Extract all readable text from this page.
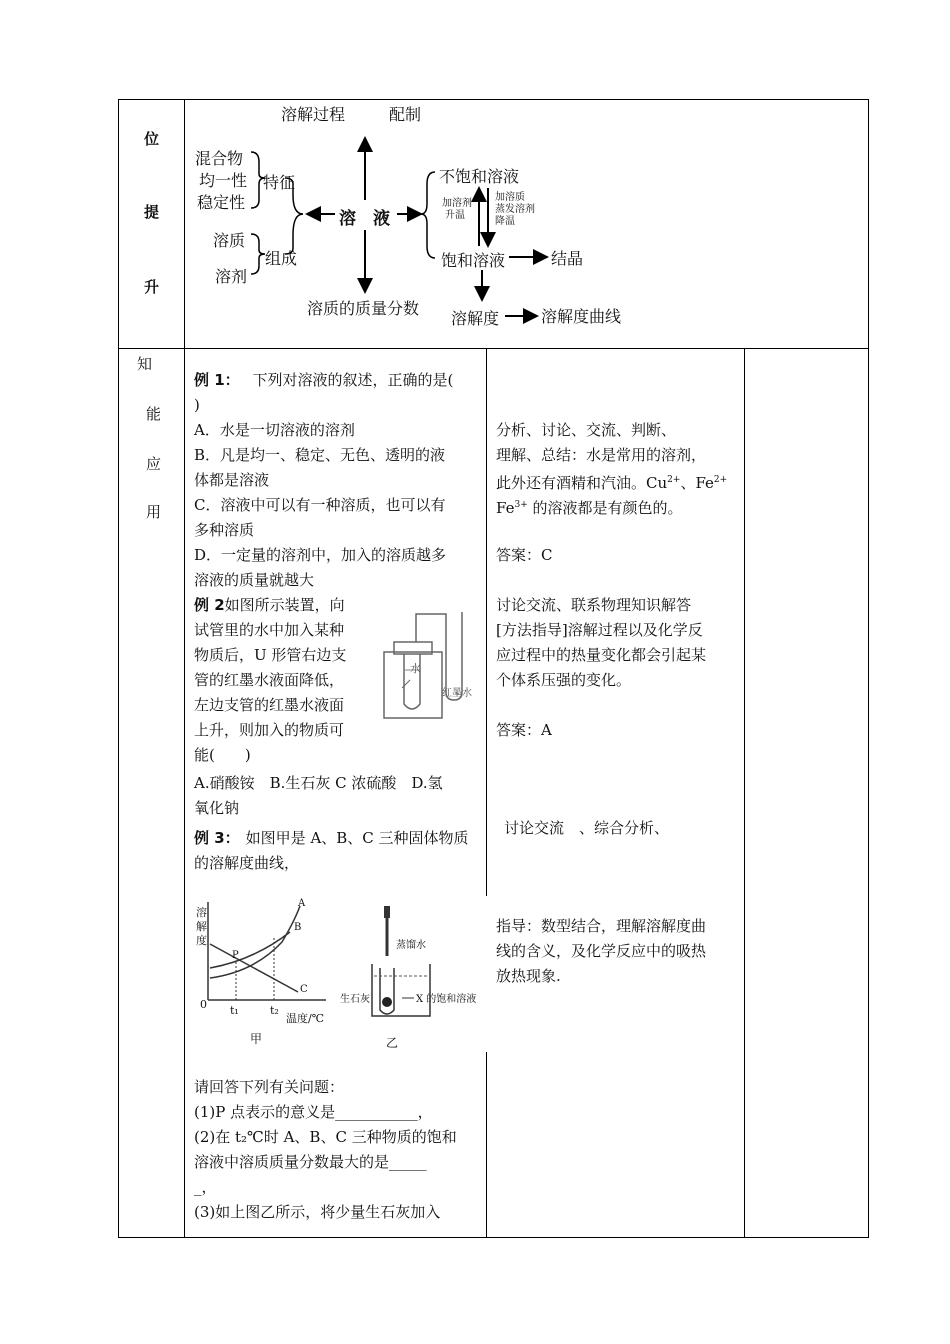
位
提
升
溶解过程	配制
混合物
均一性
稳定性
特征
溶质
溶剂
组成
溶　液
溶质的质量分数
不饱和溶液
饱和溶液
加溶剂
升温
加溶质
蒸发溶剂
降温
结晶
溶解度	溶解度曲线
知
能
应
用
例 1： 下列对溶液的叙述，正确的是(
)
A．水是一切溶液的溶剂
B．凡是均一、稳定、无色、透明的液
体都是溶液
C．溶液中可以有一种溶质，也可以有
多种溶质
D．一定量的溶剂中，加入的溶质越多
溶液的质量就越大
例 2如图所示装置，向
试管里的水中加入某种
物质后，U 形管右边支
管的红墨水液面降低，
左边支管的红墨水液面
上升，则加入的物质可
能(　　)
水
红墨水
A.硝酸铵　B.生石灰 C 浓硫酸　D.氢
氧化钠
例 3： 如图甲是 A、B、C 三种固体物质
的溶解度曲线，
溶
解
度
0 t₁	t₂
温度/℃
A
B
C
P
甲
蒸馏水
生石灰	X 的饱和溶液
乙
请回答下列有关问题：
(1)P 点表示的意义是___________，
(2)在 t₂℃时 A、B、C 三种物质的饱和
溶液中溶质质量分数最大的是_____
_，
(3)如上图乙所示，将少量生石灰加入
分析、讨论、交流、判断、
理解、总结：水是常用的溶剂，
此外还有酒精和汽油。$Cu^{2+}$、$Fe^{2+}$
$Fe^{3+}$ 的溶液都是有颜色的。
答案：C
讨论交流、联系物理知识解答
[方法指导]溶解过程以及化学反
应过程中的热量变化都会引起某
个体系压强的变化。
答案：A
讨论交流　、综合分析、
指导：数型结合，理解溶解度曲
线的含义，及化学反应中的吸热
放热现象.
